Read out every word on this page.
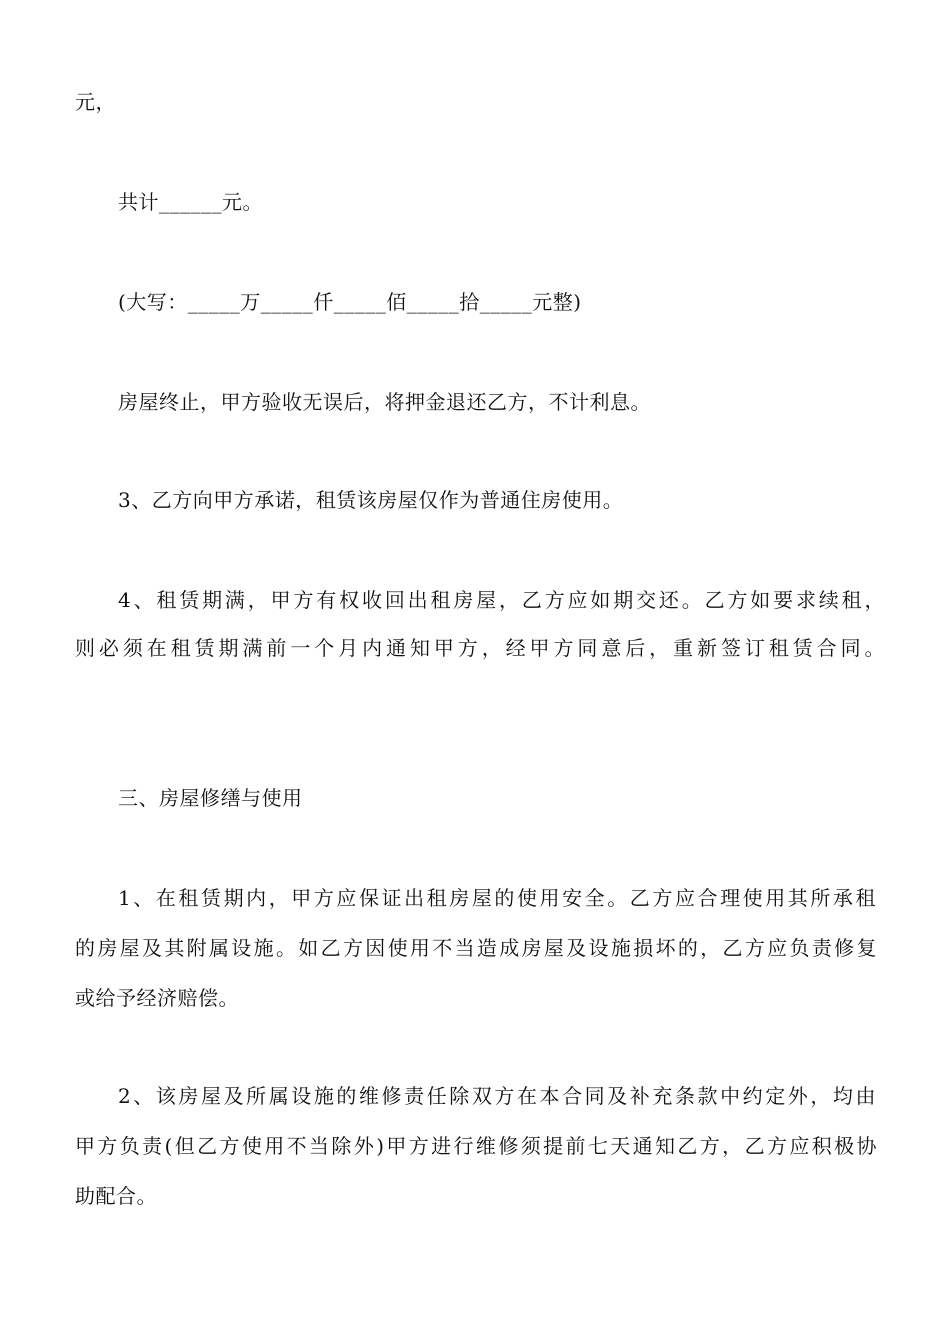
元，
共计______元。
(大写：_____万_____仟_____佰_____拾_____元整)
房屋终止，甲方验收无误后，将押金退还乙方，不计利息。
3、乙方向甲方承诺，租赁该房屋仅作为普通住房使用。
4、租赁期满，甲方有权收回出租房屋，乙方应如期交还。乙方如要求续租，
则必须在租赁期满前一个月内通知甲方，经甲方同意后，重新签订租赁合同。
三、房屋修缮与使用
1、在租赁期内，甲方应保证出租房屋的使用安全。乙方应合理使用其所承租
的房屋及其附属设施。如乙方因使用不当造成房屋及设施损坏的，乙方应负责修复
或给予经济赔偿。
2、该房屋及所属设施的维修责任除双方在本合同及补充条款中约定外，均由
甲方负责(但乙方使用不当除外)甲方进行维修须提前七天通知乙方，乙方应积极协
助配合。
